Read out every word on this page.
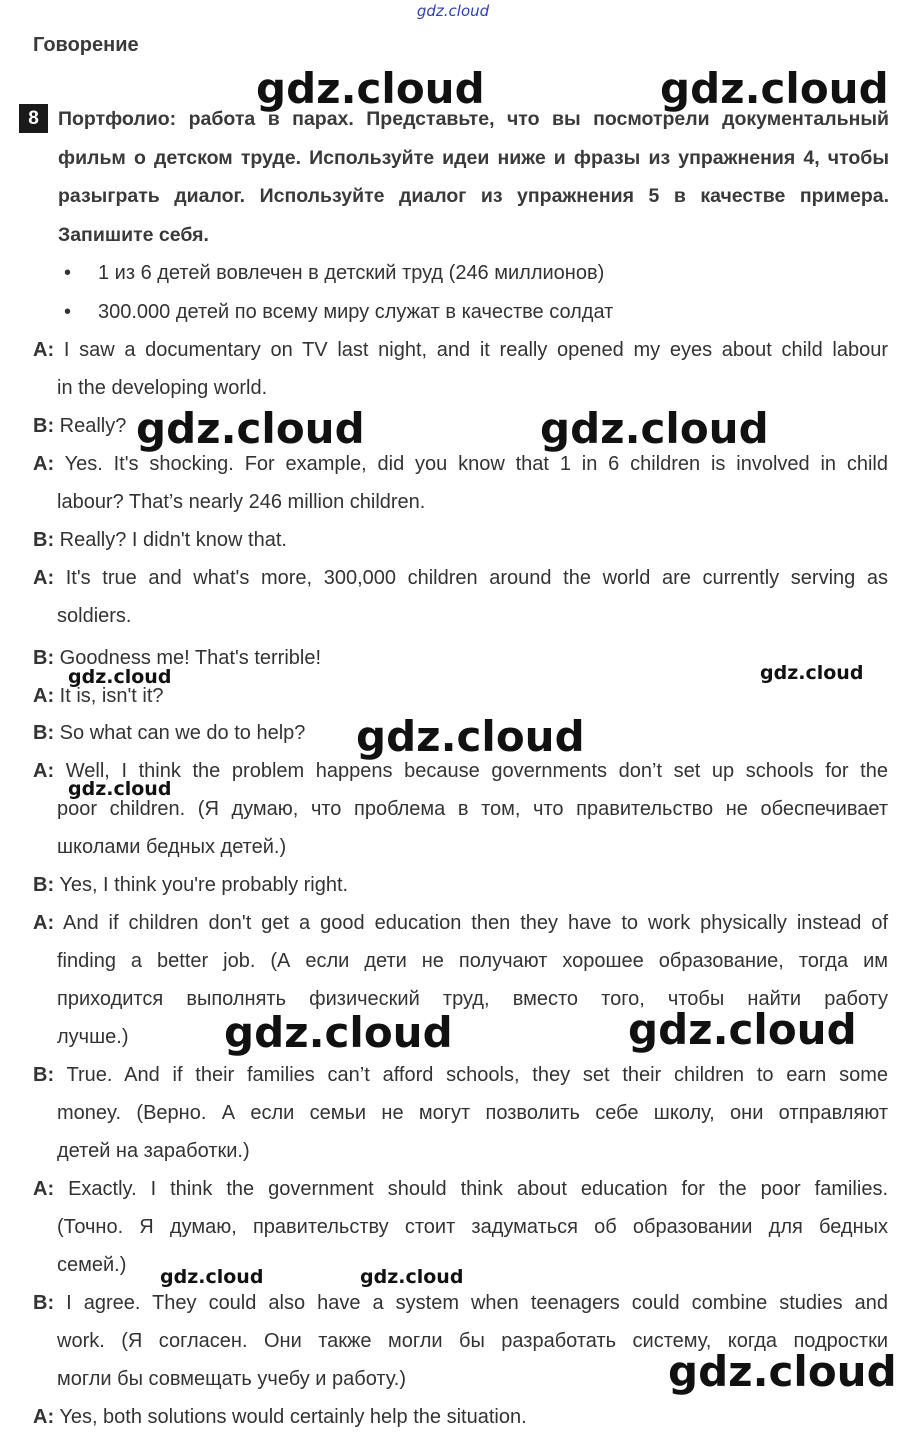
gdz.cloud
Говорение
8 Портфолио: работа в парах. Представьте, что вы посмотрели документальный фильм о детском труде. Используйте идеи ниже и фразы из упражнения 4, чтобы разыграть диалог. Используйте диалог из упражнения 5 в качестве примера. Запишите себя.
• 1 из 6 детей вовлечен в детский труд (246 миллионов)
• 300.000 детей по всему миру служат в качестве солдат
A: I saw a documentary on TV last night, and it really opened my eyes about child labour
in the developing world.
B: Really?
A: Yes. It's shocking. For example, did you know that 1 in 6 children is involved in child
labour? That’s nearly 246 million children.
B: Really? I didn't know that.
A: It's true and what's more, 300,000 children around the world are currently serving as
soldiers.
B: Goodness me! That's terrible!
A: It is, isn't it?
B: So what can we do to help?
A: Well, I think the problem happens because governments don’t set up schools for the
poor children. (Я думаю, что проблема в том, что правительство не обеспечивает
школами бедных детей.)
B: Yes, I think you're probably right.
A: And if children don't get a good education then they have to work physically instead of
finding a better job. (А если дети не получают хорошее образование, тогда им
приходится выполнять физический труд, вместо того, чтобы найти работу
лучше.)
B: True. And if their families can’t afford schools, they set their children to earn some
money. (Верно. А если семьи не могут позволить себе школу, они отправляют
детей на заработки.)
A: Exactly. I think the government should think about education for the poor families.
(Точно. Я думаю, правительству стоит задуматься об образовании для бедных
семей.)
B: I agree. They could also have a system when teenagers could combine studies and
work. (Я согласен. Они также могли бы разработать систему, когда подростки
могли бы совмещать учебу и работу.)
A: Yes, both solutions would certainly help the situation.
gdz.cloud	gdz.cloud
gdz.cloud	gdz.cloud
gdz.cloud	gdz.cloud
gdz.cloud
gdz.cloud
gdz.cloud	gdz.cloud
gdz.cloud	gdz.cloud
gdz.cloud
